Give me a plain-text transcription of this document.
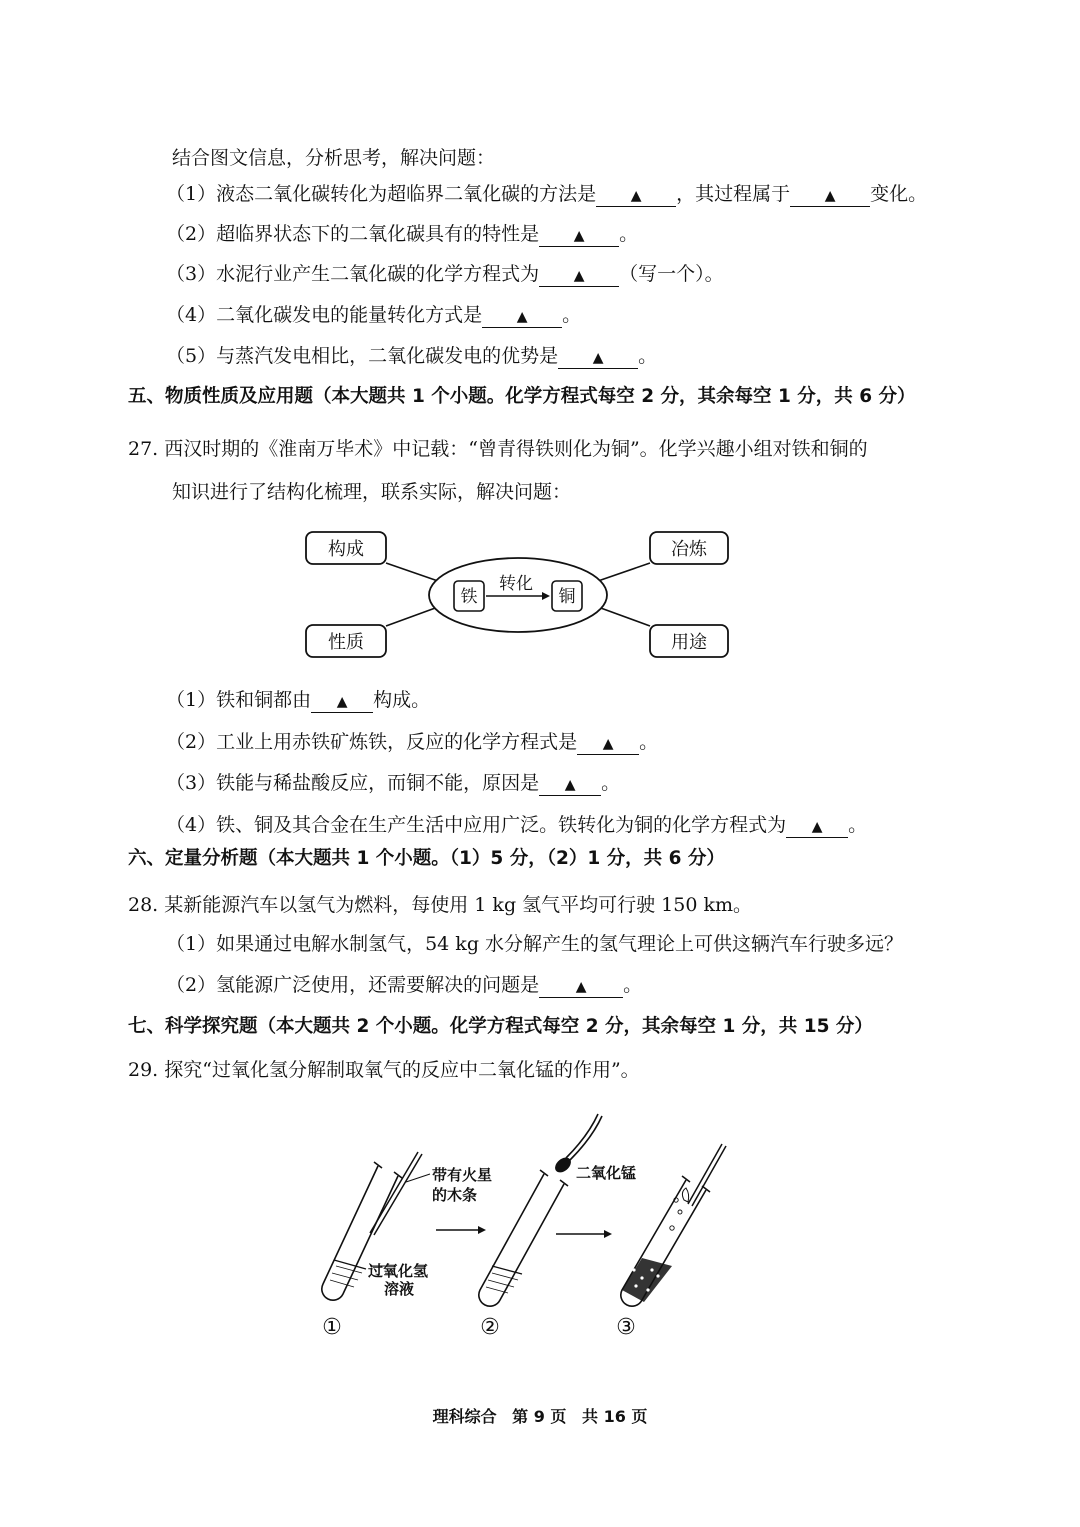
结合图文信息，分析思考，解决问题：
（1）液态二氧化碳转化为超临界二氧化碳的方法是 ▲ ，其过程属于 ▲ 变化。
（2）超临界状态下的二氧化碳具有的特性是 ▲ 。
（3）水泥行业产生二氧化碳的化学方程式为 ▲ （写一个）。
（4）二氧化碳发电的能量转化方式是 ▲ 。
（5）与蒸汽发电相比，二氧化碳发电的优势是 ▲ 。
五、物质性质及应用题（本大题共 1 个小题。化学方程式每空 2 分，其余每空 1 分，共 6 分）
27. 西汉时期的《淮南万毕术》中记载：“曾青得铁则化为铜”。化学兴趣小组对铁和铜的
知识进行了结构化梳理，联系实际，解决问题：
构成	冶炼
性质	用途
铁	铜
转化
（1）铁和铜都由 ▲ 构成。
（2）工业上用赤铁矿炼铁，反应的化学方程式是 ▲ 。
（3）铁能与稀盐酸反应，而铜不能，原因是 ▲ 。
（4）铁、铜及其合金在生产生活中应用广泛。铁转化为铜的化学方程式为 ▲ 。
六、定量分析题（本大题共 1 个小题。（1）5 分，（2）1 分，共 6 分）
28. 某新能源汽车以氢气为燃料，每使用 1 kg 氢气平均可行驶 150 km。
（1）如果通过电解水制氢气，54 kg 水分解产生的氢气理论上可供这辆汽车行驶多远？
（2）氢能源广泛使用，还需要解决的问题是	▲ 。
七、科学探究题（本大题共 2 个小题。化学方程式每空 2 分，其余每空 1 分，共 15 分）
29. 探究“过氧化氢分解制取氧气的反应中二氧化锰的作用”。
带有火星
的木条
过氧化氢
溶液
①
二氧化锰
②	③
理科综合 第 9 页 共 16 页
